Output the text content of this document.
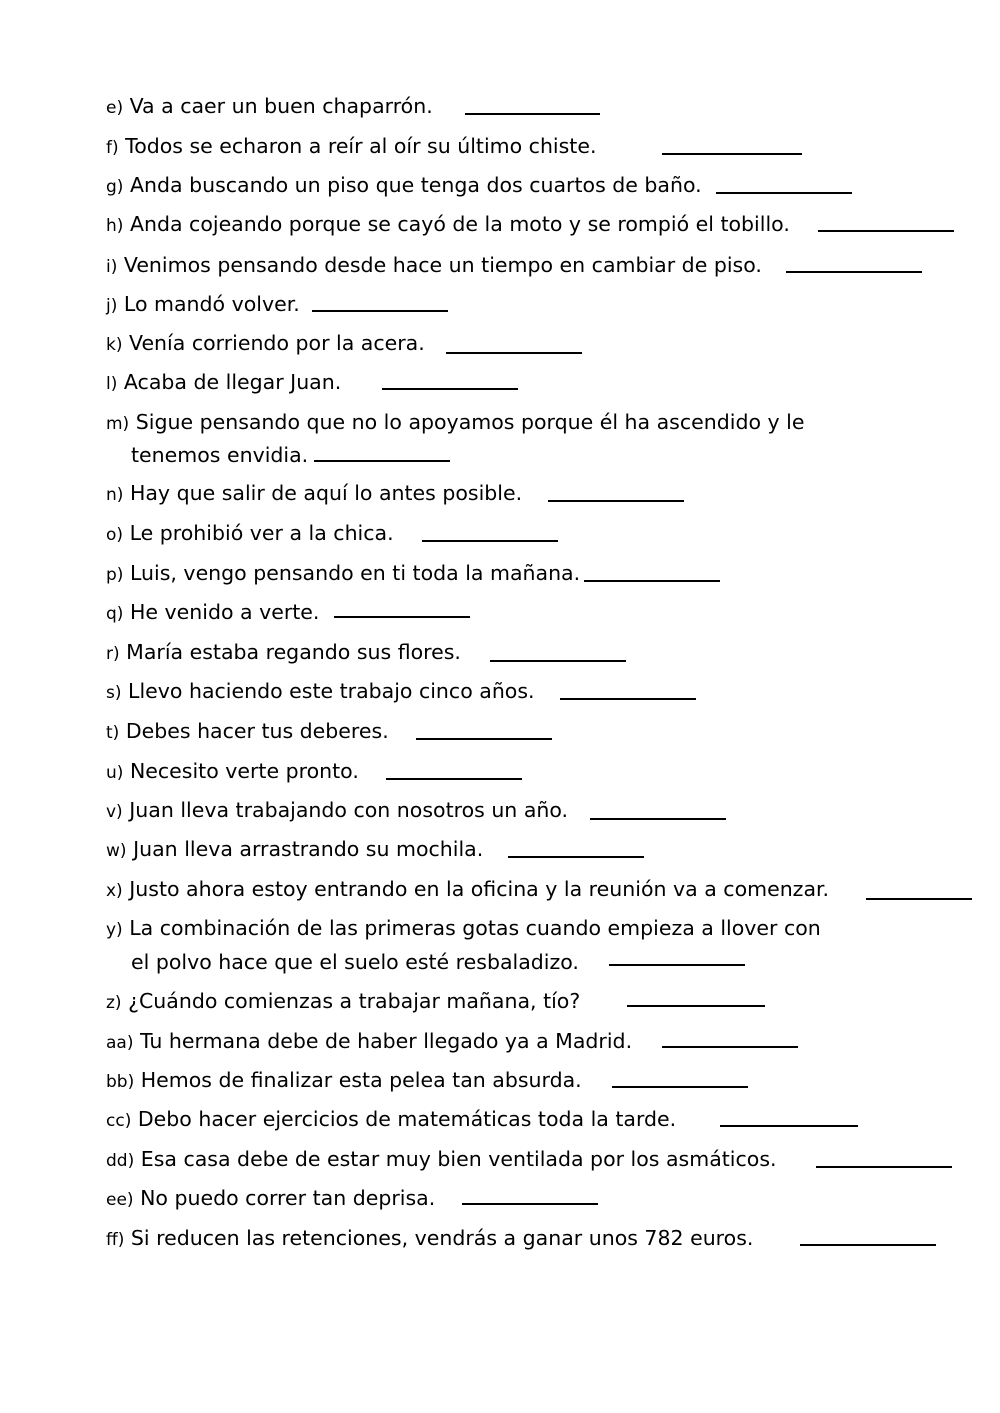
e) Va a caer un buen chaparrón.
f) Todos se echaron a reír al oír su último chiste.
g) Anda buscando un piso que tenga dos cuartos de baño.
h) Anda cojeando porque se cayó de la moto y se rompió el tobillo.
i) Venimos pensando desde hace un tiempo en cambiar de piso.
j) Lo mandó volver.
k) Venía corriendo por la acera.
l) Acaba de llegar Juan.
m) Sigue pensando que no lo apoyamos porque él ha ascendido y le
tenemos envidia.
n) Hay que salir de aquí lo antes posible.
o) Le prohibió ver a la chica.
p) Luis, vengo pensando en ti toda la mañana.
q) He venido a verte.
r) María estaba regando sus flores.
s) Llevo haciendo este trabajo cinco años.
t) Debes hacer tus deberes.
u) Necesito verte pronto.
v) Juan lleva trabajando con nosotros un año.
w) Juan lleva arrastrando su mochila.
x) Justo ahora estoy entrando en la oficina y la reunión va a comenzar.
y) La combinación de las primeras gotas cuando empieza a llover con
el polvo hace que el suelo esté resbaladizo.
z) ¿Cuándo comienzas a trabajar mañana, tío?
aa) Tu hermana debe de haber llegado ya a Madrid.
bb) Hemos de finalizar esta pelea tan absurda.
cc) Debo hacer ejercicios de matemáticas toda la tarde.
dd) Esa casa debe de estar muy bien ventilada por los asmáticos.
ee) No puedo correr tan deprisa.
ff) Si reducen las retenciones, vendrás a ganar unos 782 euros.
